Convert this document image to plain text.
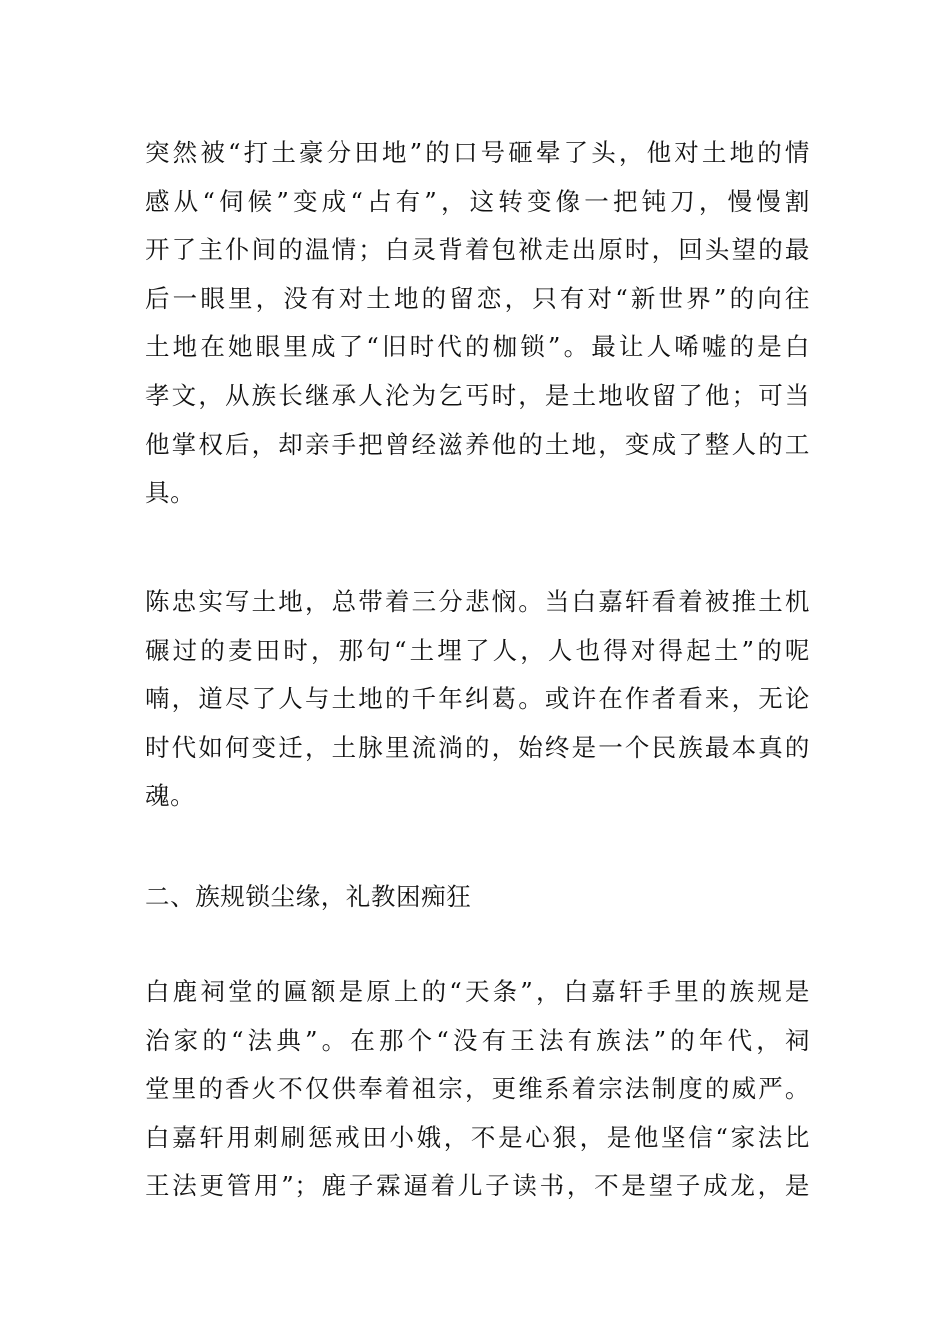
突然被“打土豪分田地”的口号砸晕了头，他对土地的情
感从“伺候”变成“占有”，这转变像一把钝刀，慢慢割
开了主仆间的温情；白灵背着包袱走出原时，回头望的最
后一眼里，没有对土地的留恋，只有对“新世界”的向往
土地在她眼里成了“旧时代的枷锁”。最让人唏嘘的是白
孝文，从族长继承人沦为乞丐时，是土地收留了他；可当
他掌权后，却亲手把曾经滋养他的土地，变成了整人的工
具。
陈忠实写土地，总带着三分悲悯。当白嘉轩看着被推土机
碾过的麦田时，那句“土埋了人，人也得对得起土”的呢
喃，道尽了人与土地的千年纠葛。或许在作者看来，无论
时代如何变迁，土脉里流淌的，始终是一个民族最本真的
魂。
二、族规锁尘缘，礼教困痴狂
白鹿祠堂的匾额是原上的“天条”，白嘉轩手里的族规是
治家的“法典”。在那个“没有王法有族法”的年代，祠
堂里的香火不仅供奉着祖宗，更维系着宗法制度的威严。
白嘉轩用刺刷惩戒田小娥，不是心狠，是他坚信“家法比
王法更管用”；鹿子霖逼着儿子读书，不是望子成龙，是
